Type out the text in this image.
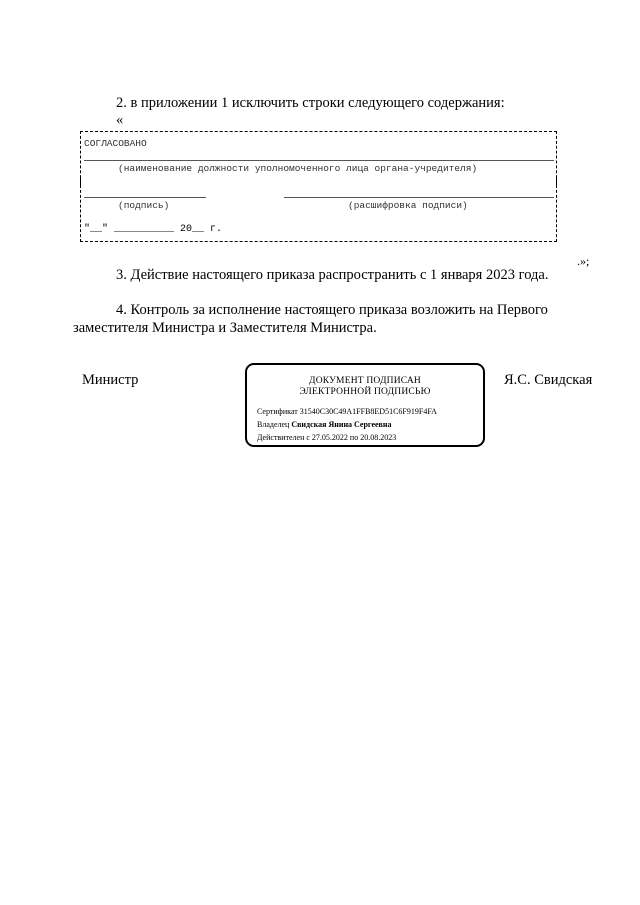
2. в приложении 1 исключить строки следующего содержания:
«
СОГЛАСОВАНО
(наименование должности уполномоченного лица органа-учредителя)
(подпись)	(расшифровка подписи)
"__" __________ 20__ г.
.»;
3. Действие настоящего приказа распространить с 1 января 2023 года.
4. Контроль за исполнение настоящего приказа возложить на Первого
заместителя Министра и Заместителя Министра.
Министр	Я.С. Свидская
ДОКУМЕНТ ПОДПИСАН
ЭЛЕКТРОННОЙ ПОДПИСЬЮ
Сертификат 31540C30C49A1FFB8ED51C6F919F4FA
Владелец Свидская Янина Сергеевна
Действителен с 27.05.2022 по 20.08.2023
